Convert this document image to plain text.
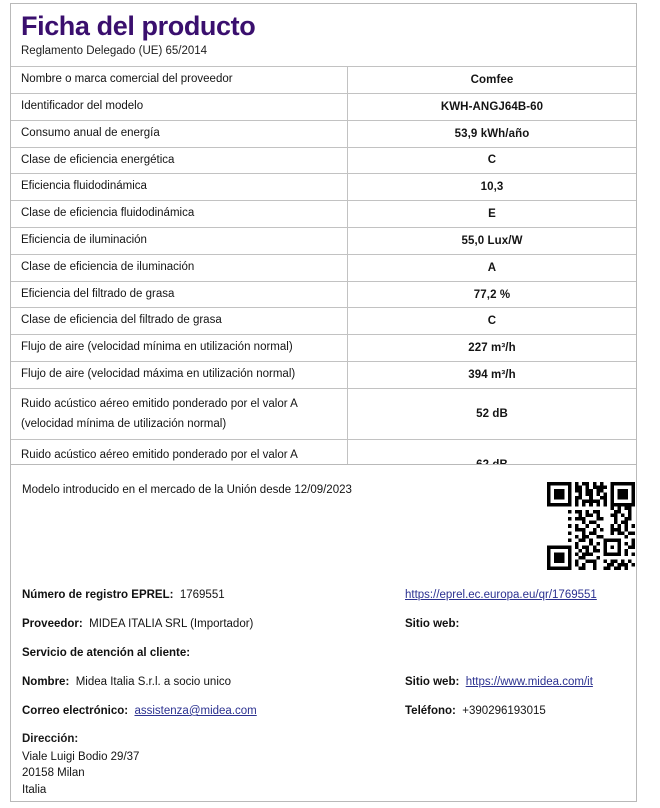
Ficha del producto
Reglamento Delegado (UE) 65/2014
Nombre o marca comercial del proveedor	Comfee
Identificador del modelo	KWH-ANGJ64B-60
Consumo anual de energía	53,9 kWh/año
Clase de eficiencia energética	C
Eficiencia fluidodinámica	10,3
Clase de eficiencia fluidodinámica	E
Eficiencia de iluminación	55,0 Lux/W
Clase de eficiencia de iluminación	A
Eficiencia del filtrado de grasa	77,2 %
Clase de eficiencia del filtrado de grasa	C
Flujo de aire (velocidad mínima en utilización normal)	227 m³/h
Flujo de aire (velocidad máxima en utilización normal)	394 m³/h

Ruido acústico aéreo emitido ponderado por el valor A
(velocidad mínima de utilización normal)	52 dB

Ruido acústico aéreo emitido ponderado por el valor A

Modelo introducido en el mercado de la Unión desde 12/09/2023
Número de registro EPREL:  1769551	https://eprel.ec.europa.eu/qr/1769551
Proveedor:  MIDEA ITALIA SRL (Importador)	Sitio web:
Servicio de atención al cliente:
Nombre:  Midea Italia S.r.l. a socio unico	Sitio web:  https://www.midea.com/it
Correo electrónico:  assistenza@midea.com	Teléfono:  +390296193015
Dirección:
Viale Luigi Bodio 29/37
20158 Milan
Italia
